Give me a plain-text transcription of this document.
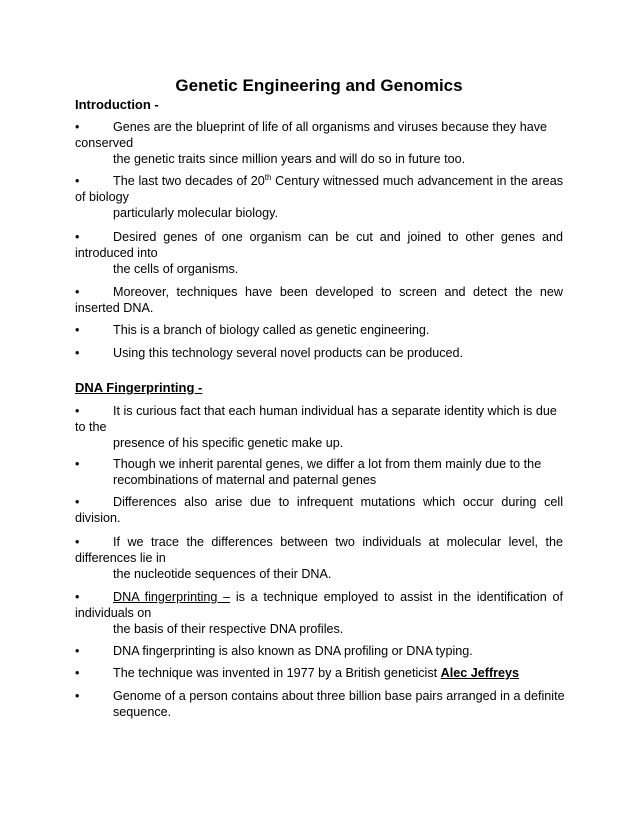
Genetic Engineering and Genomics
Introduction -
•	Genes are the blueprint of life of all organisms and viruses because they have
conserved
the genetic traits since million years and will do so in future too.
•	The last two decades of 20th Century witnessed much advancement in the areas
of biology
particularly molecular biology.
•	Desired genes of one organism can be cut and joined to other genes and
introduced into
the cells of organisms.
•	Moreover, techniques have been developed to screen and detect the new
inserted DNA.
•	This is a branch of biology called as genetic engineering.
•	Using this technology several novel products can be produced.
DNA Fingerprinting -
•	It is curious fact that each human individual has a separate identity which is due
to the
presence of his specific genetic make up.
•	Though we inherit parental genes, we differ a lot from them mainly due to the
recombinations of maternal and paternal genes
•	Differences also arise due to infrequent mutations which occur during cell
division.
•	If we trace the differences between two individuals at molecular level, the
differences lie in
the nucleotide sequences of their DNA.
•	DNA fingerprinting – is a technique employed to assist in the identification of
individuals on
the basis of their respective DNA profiles.
•	DNA fingerprinting is also known as DNA profiling or DNA typing.
•	The technique was invented in 1977 by a British geneticist Alec Jeffreys
•	Genome of a person contains about three billion base pairs arranged in a definite
sequence.
